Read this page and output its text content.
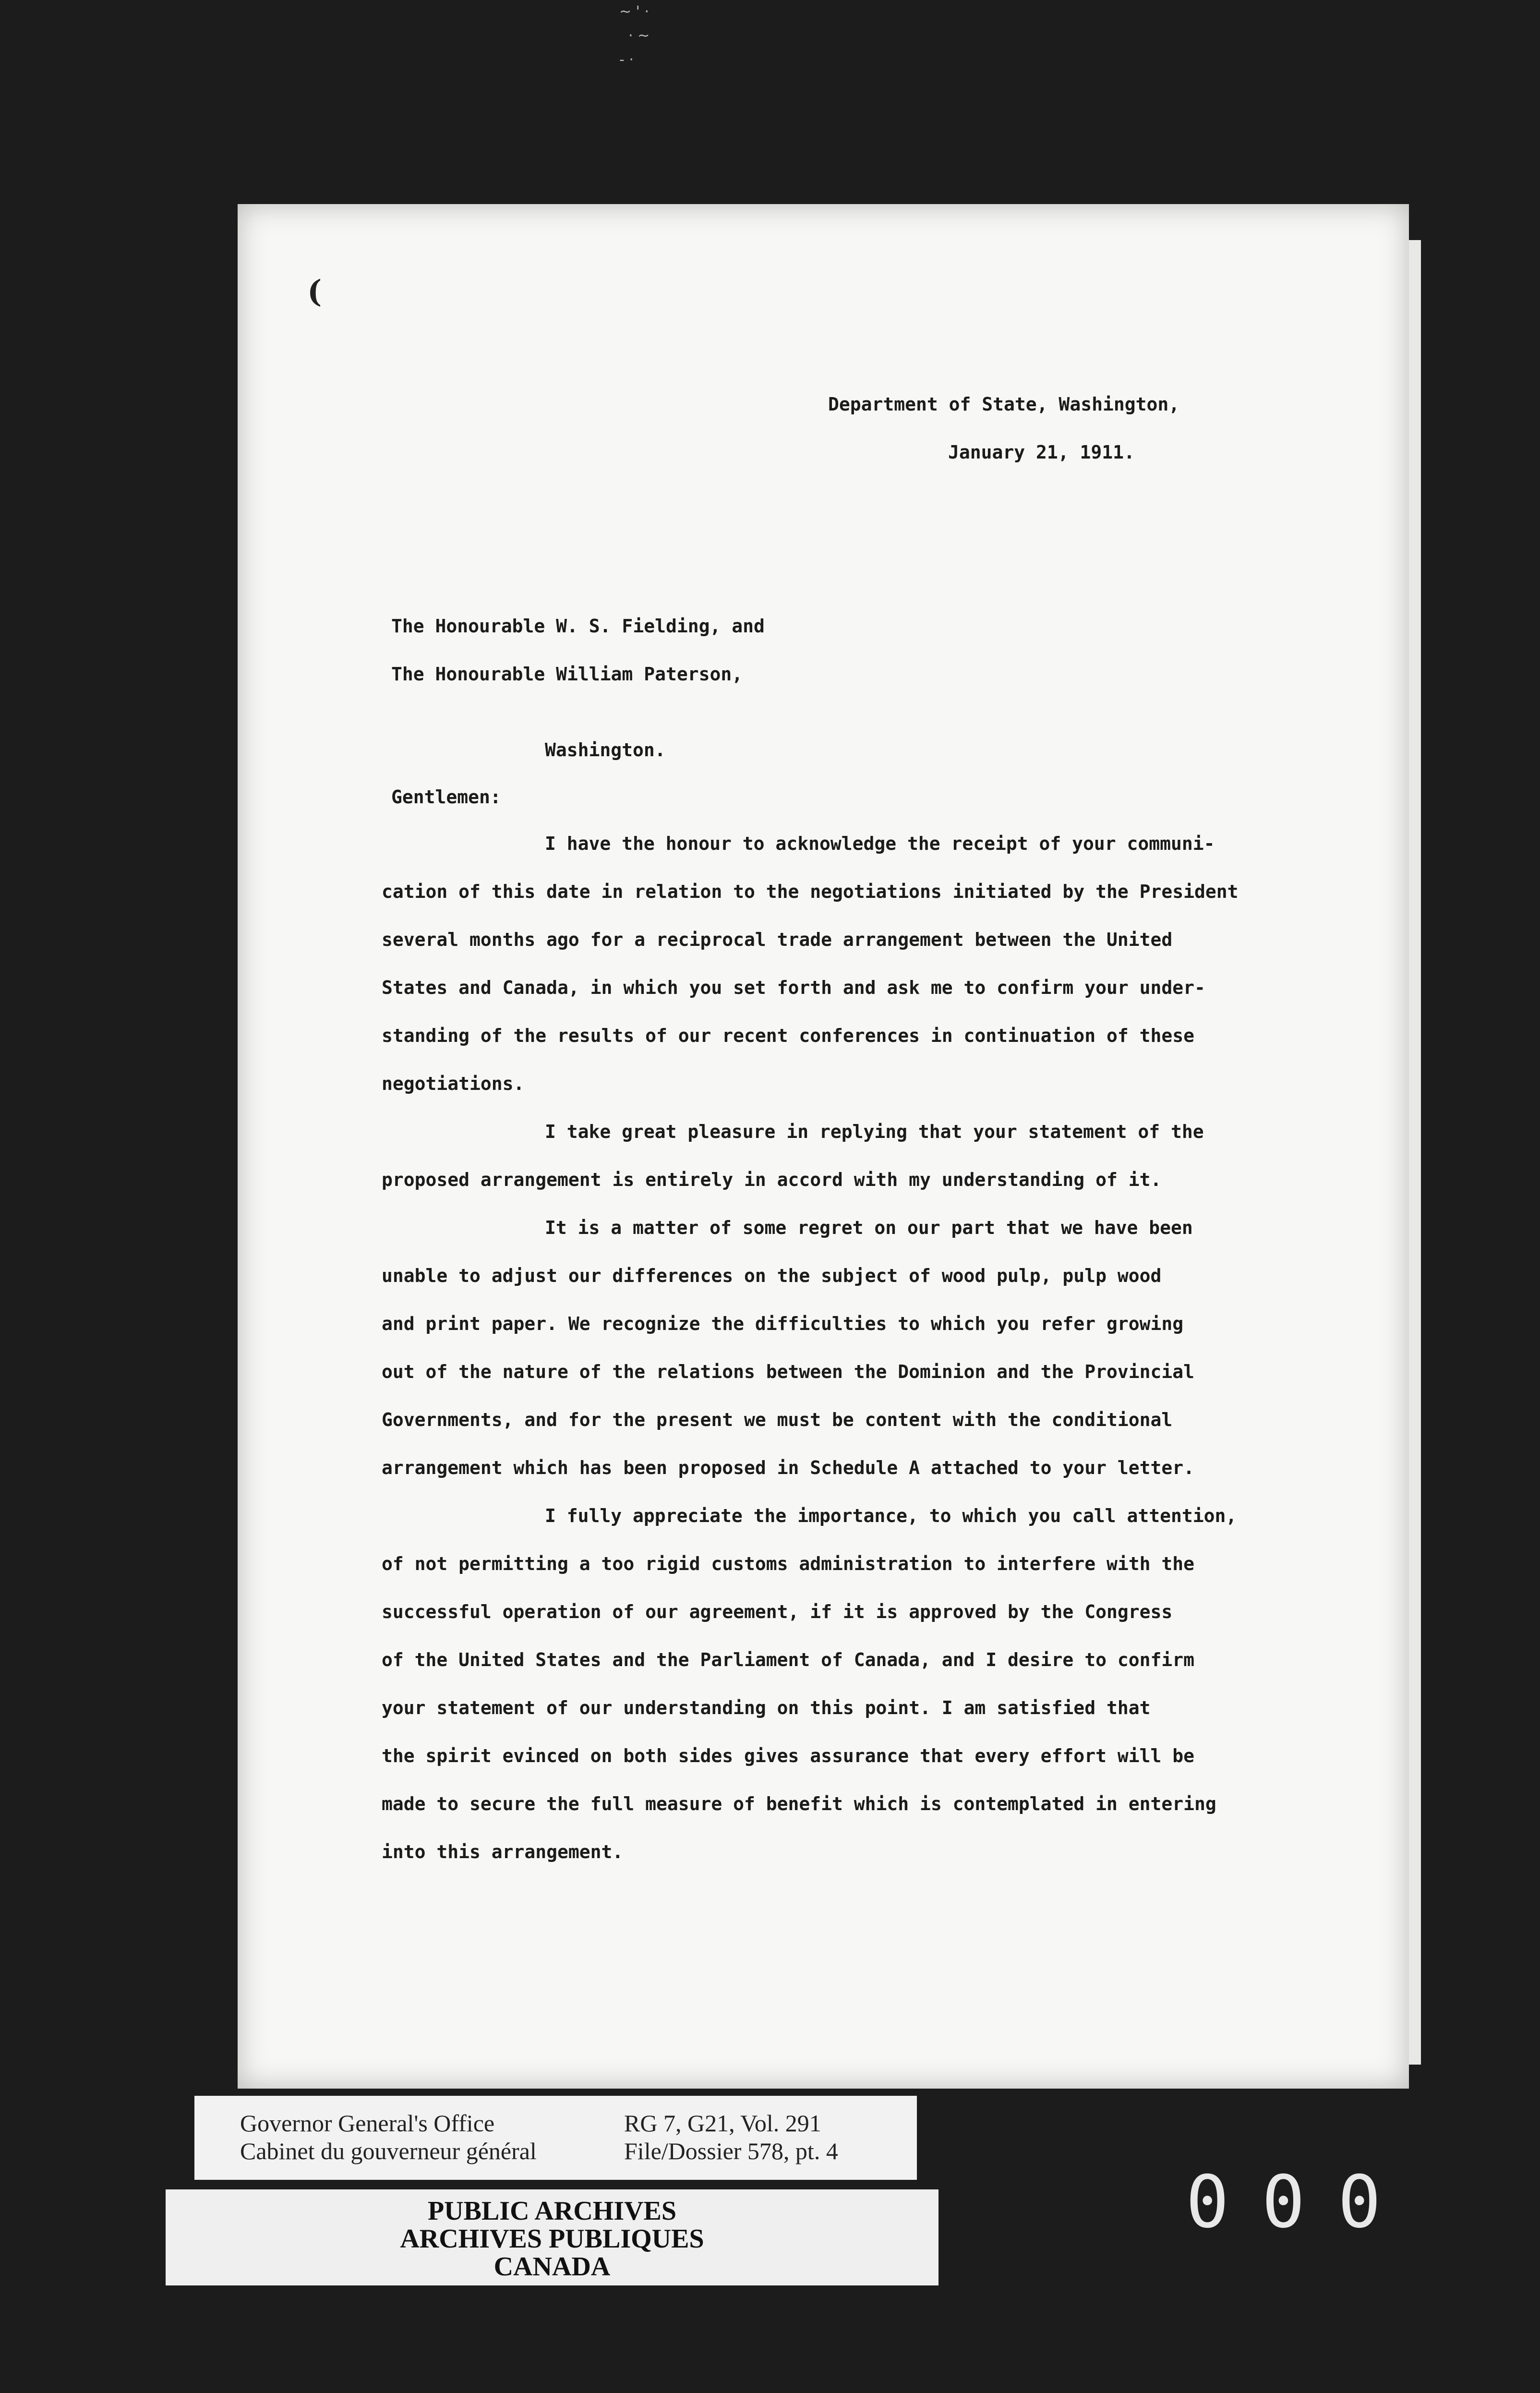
~ ' ·
· ~
- ·
(
Department of State, Washington,
January 21, 1911.
The Honourable W. S. Fielding, and
The Honourable William Paterson,
Washington.
Gentlemen:
I have the honour to acknowledge the receipt of your communi-
cation of this date in relation to the negotiations initiated by the President
several months ago for a reciprocal trade arrangement between the United
States and Canada, in which you set forth and ask me to confirm your under-
standing of the results of our recent conferences in continuation of these
negotiations.
I take great pleasure in replying that your statement of the
proposed arrangement is entirely in accord with my understanding of it.
It is a matter of some regret on our part that we have been
unable to adjust our differences on the subject of wood pulp, pulp wood
and print paper. We recognize the difficulties to which you refer growing
out of the nature of the relations between the Dominion and the Provincial
Governments, and for the present we must be content with the conditional
arrangement which has been proposed in Schedule A attached to your letter.
I fully appreciate the importance, to which you call attention,
of not permitting a too rigid customs administration to interfere with the
successful operation of our agreement, if it is approved by the Congress
of the United States and the Parliament of Canada, and I desire to confirm
your statement of our understanding on this point. I am satisfied that
the spirit evinced on both sides gives assurance that every effort will be
made to secure the full measure of benefit which is contemplated in entering
into this arrangement.
Governor General's Office
Cabinet du gouverneur général
RG 7, G21, Vol. 291
File/Dossier 578, pt. 4
PUBLIC ARCHIVES
ARCHIVES PUBLIQUES
CANADA
000
